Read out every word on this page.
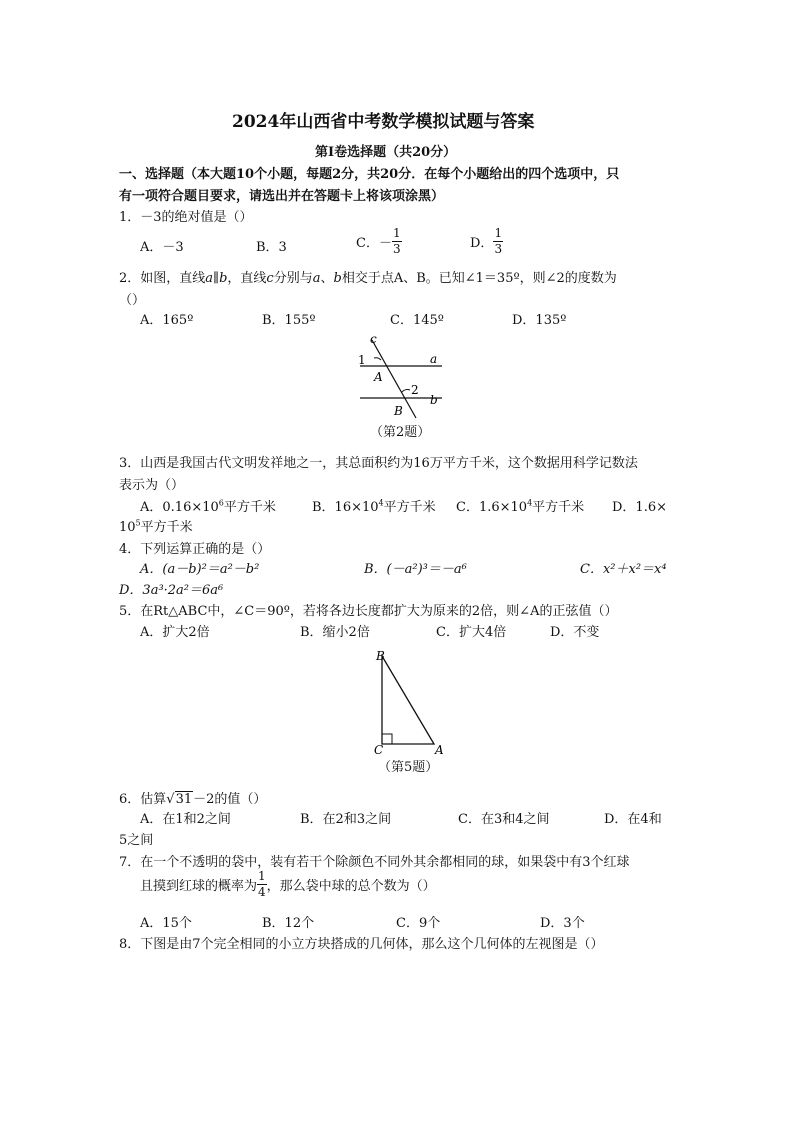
2024年山西省中考数学模拟试题与答案
第Ⅰ卷选择题（共20分）
一、选择题（本大题10个小题，每题2分，共20分．在每个小题给出的四个选项中，只
有一项符合题目要求，请选出并在答题卡上将该项涂黑）
1．－3的绝对值是（）
A．－3	B．3	C．－ $\frac{1}{3}$	D． $\frac{1}{3}$
2．如图，直线a∥b，直线c分别与a、b相交于点A、B。已知∠1＝35º，则∠2的度数为
（）
A．165º	B．155º	C．145º	D．135º
c
1	a
A
2
b
B
（第2题）
3．山西是我国古代文明发祥地之一，其总面积约为16万平方千米，这个数据用科学记数法
表示为（）
A．$0.16\times 10^6$平方千米	B．$16\times 10^4$平方千米 C．$1.6\times 10^4$平方千米 D．1.6×
$10^5$平方千米
4．下列运算正确的是（）
A．(a－b)²＝a²－b²	B．(－a²)³＝－a⁶	C．x²＋x²＝x⁴
D．3a³·2a²＝6a⁶
5．在Rt△ABC中，∠C＝90º，若将各边长度都扩大为原来的2倍，则∠A的正弦值（）
A．扩大2倍	B．缩小2倍	C．扩大4倍	D．不变
B
C	A
（第5题）
6．估算√31－2的值（）
A．在1和2之间	B．在2和3之间	C．在3和4之间	D．在4和
5之间
7．在一个不透明的袋中，装有若干个除颜色不同外其余都相同的球，如果袋中有3个红球
且摸到红球的概率为 $\frac{1}{4}$ ，那么袋中球的总个数为（）
A．15个	B．12个	C．9个	D．3个
8．下图是由7个完全相同的小立方块搭成的几何体，那么这个几何体的左视图是（）
